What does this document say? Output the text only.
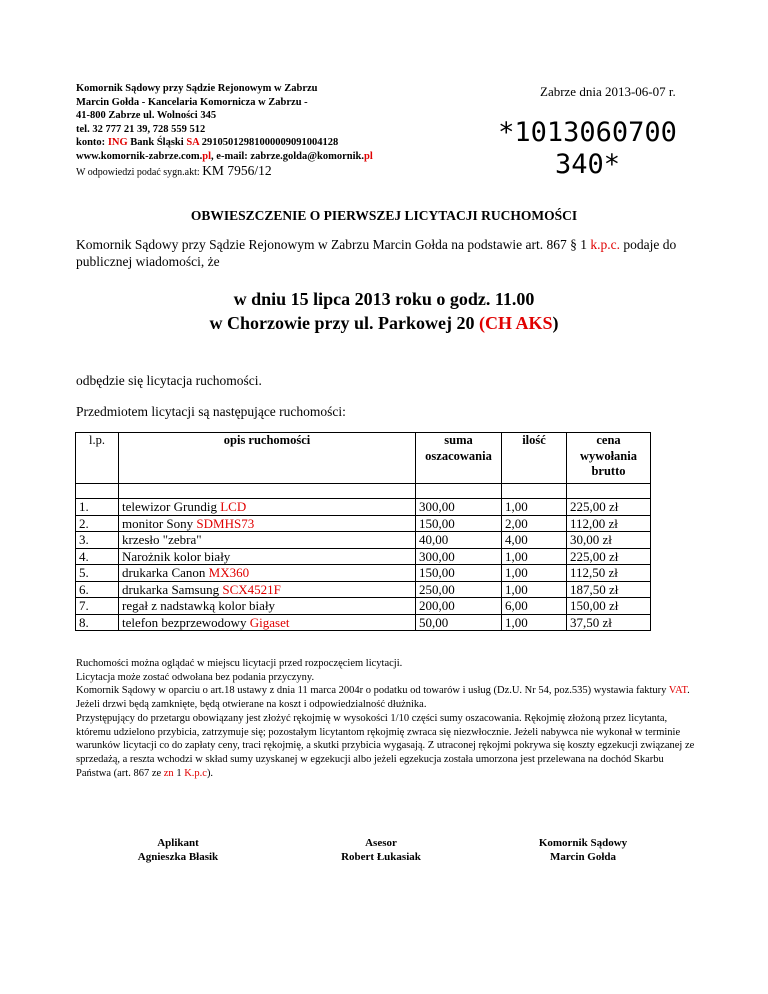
Komornik Sądowy przy Sądzie Rejonowym w Zabrzu
Marcin Gołda - Kancelaria Komornicza w Zabrzu -
41-800 Zabrze ul. Wolności 345
tel. 32 777 21 39, 728 559 512
konto: ING Bank Śląski SA 29105012981000009091004128
www.komornik-zabrze.com.pl, e-mail: zabrze.golda@komornik.pl
W odpowiedzi podać sygn.akt: KM 7956/12
Zabrze dnia 2013-06-07 r.
*1013060700
340*
OBWIESZCZENIE O PIERWSZEJ LICYTACJI RUCHOMOŚCI
Komornik Sądowy przy Sądzie Rejonowym w Zabrzu Marcin Gołda na podstawie art. 867 § 1 k.p.c. podaje do publicznej wiadomości, że
w dniu 15 lipca 2013 roku o godz. 11.00
w Chorzowie przy ul. Parkowej 20 (CH AKS)
odbędzie się licytacja ruchomości.
Przedmiotem licytacji są następujące ruchomości:
l.p.	opis ruchomości	suma oszacowania	ilość	cena wywołania brutto

1.	telewizor Grundig LCD	300,00	1,00	225,00 zł
2.	monitor Sony SDMHS73	150,00	2,00	112,00 zł
3.	krzesło "zebra"	40,00	4,00	30,00 zł
4.	Narożnik kolor biały	300,00	1,00	225,00 zł
5.	drukarka Canon MX360	150,00	1,00	112,50 zł
6.	drukarka Samsung SCX4521F	250,00	1,00	187,50 zł
7.	regał z nadstawką kolor biały	200,00	6,00	150,00 zł
8.	telefon bezprzewodowy Gigaset	50,00	1,00	37,50 zł
Ruchomości można oglądać w miejscu licytacji przed rozpoczęciem licytacji.
Licytacja może zostać odwołana bez podania przyczyny.
Komornik Sądowy w oparciu o art.18 ustawy z dnia 11 marca 2004r o podatku od towarów i usług (Dz.U. Nr 54, poz.535) wystawia faktury VAT.
Jeżeli drzwi będą zamknięte, będą otwierane na koszt i odpowiedzialność dłużnika.
Przystępujący do przetargu obowiązany jest złożyć rękojmię w wysokości 1/10 części sumy oszacowania. Rękojmię złożoną przez licytanta, któremu udzielono przybicia, zatrzymuje się; pozostałym licytantom rękojmię zwraca się niezwłocznie. Jeżeli nabywca nie wykonał w terminie warunków licytacji co do zapłaty ceny, traci rękojmię, a skutki przybicia wygasają. Z utraconej rękojmi pokrywa się koszty egzekucji związanej ze sprzedażą, a reszta wchodzi w skład sumy uzyskanej w egzekucji albo jeżeli egzekucja została umorzona jest przelewana na dochód Skarbu Państwa (art. 867 ze zn 1 K.p.c).
Aplikant
Agnieszka Błasik
Asesor
Robert Łukasiak
Komornik Sądowy
Marcin Gołda
